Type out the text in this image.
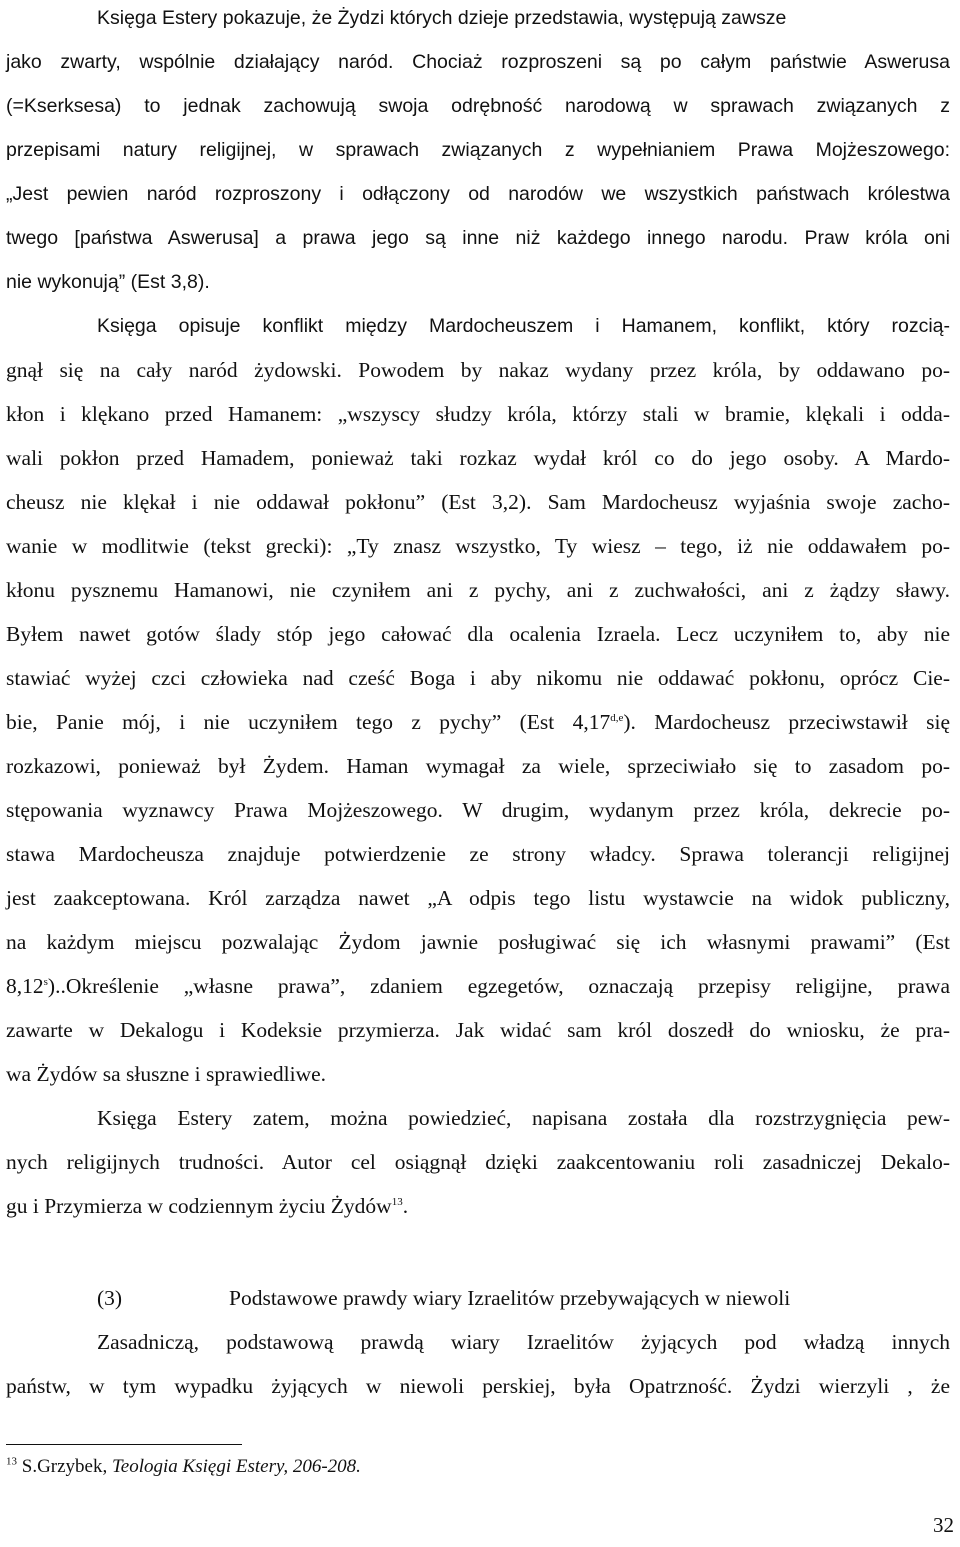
Księga Estery pokazuje, że Żydzi których dzieje przedstawia, występują zawsze
jako zwarty, wspólnie działający naród. Chociaż rozproszeni są po całym państwie Aswerusa
(=Kserksesa) to jednak zachowują swoja odrębność narodową w sprawach związanych z
przepisami natury religijnej, w sprawach związanych z wypełnianiem Prawa Mojżeszowego:
„Jest pewien naród rozproszony i odłączony od narodów we wszystkich państwach królestwa
twego [państwa Aswerusa] a prawa jego są inne niż każdego innego narodu. Praw króla oni
nie wykonują” (Est 3,8).
Księga opisuje konflikt między Mardocheuszem i Hamanem, konflikt, który rozcią-
gnął się na cały naród żydowski. Powodem by nakaz wydany przez króla, by oddawano po-
kłon i klękano przed Hamanem: „wszyscy słudzy króla, którzy stali w bramie, klękali i odda-
wali pokłon przed Hamadem, ponieważ taki rozkaz wydał król co do jego osoby. A Mardo-
cheusz nie klękał i nie oddawał pokłonu” (Est 3,2). Sam Mardocheusz wyjaśnia swoje zacho-
wanie w modlitwie (tekst grecki): „Ty znasz wszystko, Ty wiesz – tego, iż nie oddawałem po-
kłonu pysznemu Hamanowi, nie czyniłem ani z pychy, ani z zuchwałości, ani z żądzy sławy.
Byłem nawet gotów ślady stóp jego całować dla ocalenia Izraela. Lecz uczyniłem to, aby nie
stawiać wyżej czci człowieka nad cześć Boga i aby nikomu nie oddawać pokłonu, oprócz Cie-
bie, Panie mój, i nie uczyniłem tego z pychy” (Est 4,17$^{d,e}$). Mardocheusz przeciwstawił się
rozkazowi, ponieważ był Żydem. Haman wymagał za wiele, sprzeciwiało się to zasadom po-
stępowania wyznawcy Prawa Mojżeszowego. W drugim, wydanym przez króla, dekrecie po-
stawa Mardocheusza znajduje potwierdzenie ze strony władcy. Sprawa tolerancji religijnej
jest zaakceptowana. Król zarządza nawet „A odpis tego listu wystawcie na widok publiczny,
na każdym miejscu pozwalając Żydom jawnie posługiwać się ich własnymi prawami” (Est
8,12$^s$)..Określenie „własne prawa”, zdaniem egzegetów, oznaczają przepisy religijne, prawa
zawarte w Dekalogu i Kodeksie przymierza. Jak widać sam król doszedł do wniosku, że pra-
wa Żydów sa słuszne i sprawiedliwe.
Księga Estery zatem, można powiedzieć, napisana została dla rozstrzygnięcia pew-
nych religijnych trudności. Autor cel osiągnął dzięki zaakcentowaniu roli zasadniczej Dekalo-
gu i Przymierza w codziennym życiu Żydów$^{13}$.
(3)	Podstawowe prawdy wiary Izraelitów przebywających w niewoli
Zasadniczą, podstawową prawdą wiary Izraelitów żyjących pod władzą innych
państw, w tym wypadku żyjących w niewoli perskiej, była Opatrzność. Żydzi wierzyli , że
$^{13}$ S.Grzybek, Teologia Księgi Estery, 206-208.
32
